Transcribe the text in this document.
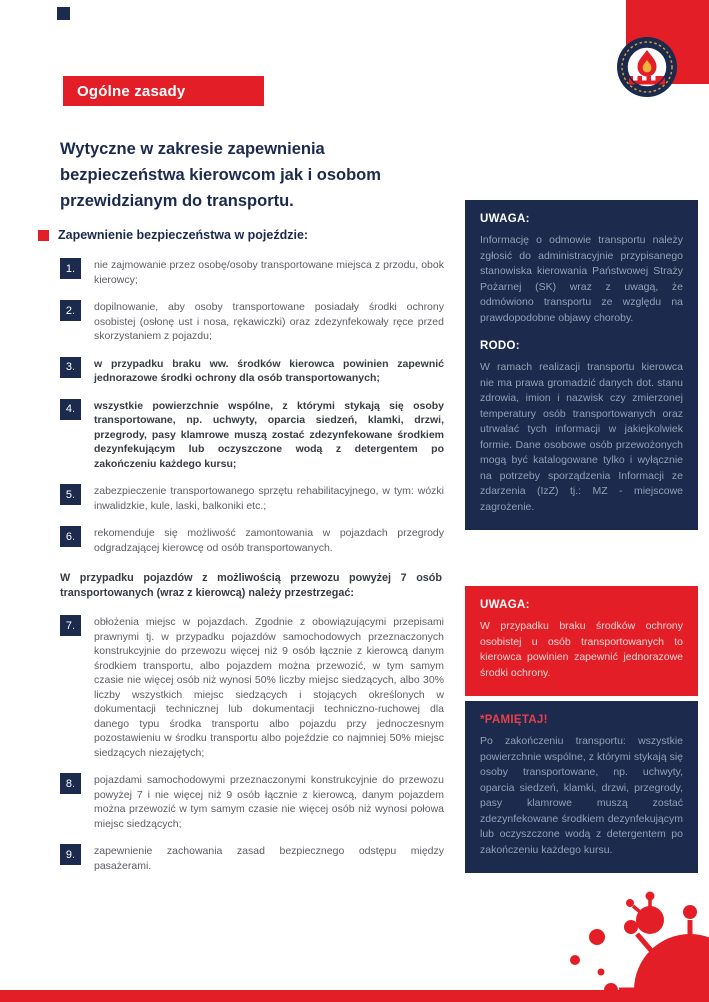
Ogólne zasady
Wytyczne w zakresie zapewnienia bezpieczeństwa kierowcom jak i osobom przewidzianym do transportu.
Zapewnienie bezpieczeństwa w pojeździe:
1.	nie zajmowanie przez osobę/osoby transportowane miejsca z przodu, obok kierowcy;
2.	dopilnowanie, aby osoby transportowane posiadały środki ochrony osobistej (osłonę ust i nosa, rękawiczki) oraz zdezynfekowały ręce przed skorzystaniem z pojazdu;
3.	w przypadku braku ww. środków kierowca powinien zapewnić jednorazowe środki ochrony dla osób transportowanych;
4.	wszystkie powierzchnie wspólne, z którymi stykają się osoby transportowane, np. uchwyty, oparcia siedzeń, klamki, drzwi, przegrody, pasy klamrowe muszą zostać zdezynfekowane środkiem dezynfekującym lub oczyszczone wodą z detergentem po zakończeniu każdego kursu;
5.	zabezpieczenie transportowanego sprzętu rehabilitacyjnego, w tym: wózki inwalidzkie, kule, laski, balkoniki etc.;
6.	rekomenduje się możliwość zamontowania w pojazdach przegrody odgradzającej kierowcę od osób transportowanych.

W przypadku pojazdów z możliwością przewozu powyżej 7 osób transportowanych (wraz z kierowcą) należy przestrzegać:

7.	obłożenia miejsc w pojazdach. Zgodnie z obowiązującymi przepisami prawnymi tj. w przypadku pojazdów samochodowych przeznaczonych konstrukcyjnie do przewozu więcej niż 9 osób łącznie z kierowcą danym środkiem transportu, albo pojazdem można przewozić, w tym samym czasie nie więcej osób niż wynosi 50% liczby miejsc siedzących, albo 30% liczby wszystkich miejsc siedzących i stojących określonych w dokumentacji technicznej lub dokumentacji techniczno-ruchowej dla danego typu środka transportu albo pojazdu przy jednoczesnym pozostawieniu w środku transportu albo pojeździe co najmniej 50% miejsc siedzących niezajętych;
8.	pojazdami samochodowymi przeznaczonymi konstrukcyjnie do przewozu powyżej 7 i nie więcej niż 9 osób łącznie z kierowcą, danym pojazdem można przewozić w tym samym czasie nie więcej osób niż wynosi połowa miejsc siedzących;
9.	zapewnienie zachowania zasad bezpiecznego odstępu między pasażerami.
UWAGA:

Informację o odmowie transportu należy zgłosić do administracyjnie przypisanego stanowiska kierowania Państwowej Straży Pożarnej (SK) wraz z uwagą, że odmówiono transportu ze względu na prawdopodobne objawy choroby.

RODO:

W ramach realizacji transportu kierowca nie ma prawa gromadzić danych dot. stanu zdrowia, imion i nazwisk czy zmierzonej temperatury osób transportowanych oraz utrwalać tych informacji w jakiejkolwiek formie. Dane osobowe osób przewożonych mogą być katalogowane tylko i wyłącznie na potrzeby sporządzenia Informacji ze zdarzenia (IzZ) tj.: MZ - miejscowe zagrożenie.

UWAGA:

W przypadku braku środków ochrony osobistej u osób transportowanych to kierowca powinien zapewnić jednorazowe środki ochrony.

*PAMIĘTAJ!

Po zakończeniu transportu: wszystkie powierzchnie wspólne, z którymi stykają się osoby transportowane, np. uchwyty, oparcia siedzeń, klamki, drzwi, przegrody, pasy klamrowe muszą zostać zdezynfekowane środkiem dezynfekującym lub oczyszczone wodą z detergentem po zakończeniu każdego kursu.
